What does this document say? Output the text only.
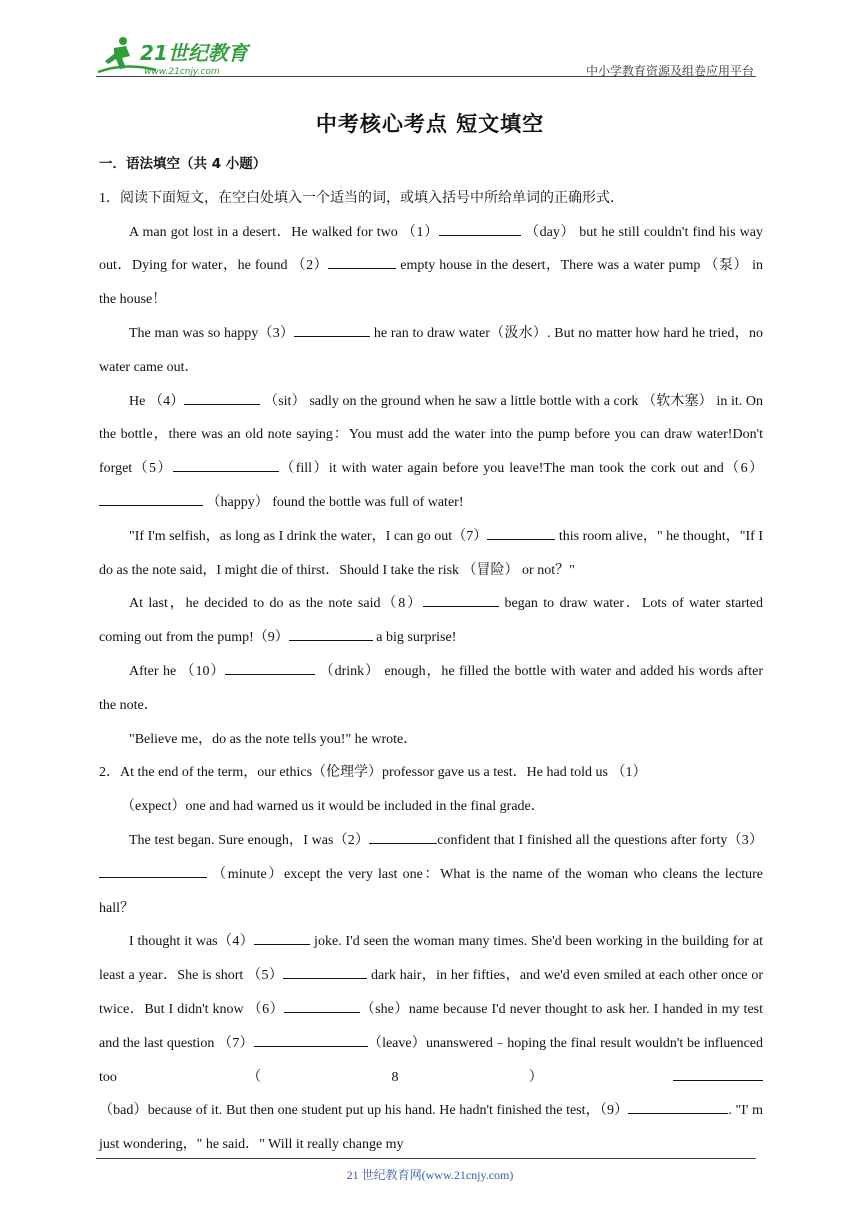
21世纪教育
www.21cnjy.com	中小学教育资源及组卷应用平台
中考核心考点 短文填空
一．语法填空（共 4 小题）
1．阅读下面短文，在空白处填入一个适当的词，或填入括号中所给单词的正确形式．
A man got lost in a desert．He walked for two （1）	（day） but he still couldn't find his way out．Dying for water，he found （2）	empty house in the desert，There was a water pump （泵） in the house！
The man was so happy（3）	he ran to draw water（汲水）. But no matter how hard he tried，no water came out．
He （4）	（sit） sadly on the ground when he saw a little bottle with a cork （软木塞） in it. On the bottle，there was an old note saying：You must add the water into the pump before you can draw water!Don't forget（5）	（fill）it with water again before you leave!The man took the cork out and（6） （happy） found the bottle was full of water!
"If I'm selfish，as long as I drink the water，I can go out（7）	this room alive，" he thought，"If I do as the note said，I might die of thirst．Should I take the risk （冒险） or not？"
At last，he decided to do as the note said（8）	began to draw water．Lots of water started coming out from the pump!（9）	a big surprise!
After he （10）	（drink） enough，he filled the bottle with water and added his words after the note．
"Believe me，do as the note tells you!" he wrote．
2．At the end of the term，our ethics（伦理学）professor gave us a test．He had told us （1）
（expect）one and had warned us it would be included in the final grade．
The test began. Sure enough，I was（2）	confident that I finished all the questions after forty（3） （minute）except the very last one：What is the name of the woman who cleans the lecture hall？
I thought it was（4）	joke. I'd seen the woman many times. She'd been working in the building for at least a year．She is short （5）	dark hair，in her fifties，and we'd even smiled at each other once or twice．But I didn't know （6）	（she）name because I'd never thought to ask her. I handed in my test and the last question （7）	（leave）unanswered﹣hoping the final result wouldn't be influenced too（8）（bad）because of it. But then one student put up his hand. He hadn't finished the test，（9）	. "I' m just wondering，" he said．" Will it really change my
21 世纪教育网(www.21cnjy.com)
